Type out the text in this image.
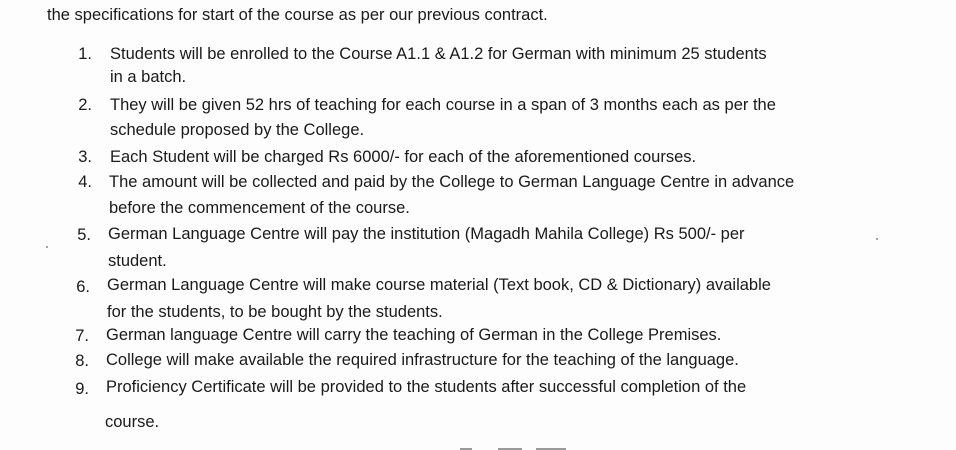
the specifications for start of the course as per our previous contract.

1. Students will be enrolled to the Course A1.1 & A1.2 for German with minimum 25 students
in a batch.
2. They will be given 52 hrs of teaching for each course in a span of 3 months each as per the
schedule proposed by the College.
3. Each Student will be charged Rs 6000/- for each of the aforementioned courses.
4. The amount will be collected and paid by the College to German Language Centre in advance
before the commencement of the course.
5. German Language Centre will pay the institution (Magadh Mahila College) Rs 500/- per
student.
6. German Language Centre will make course material (Text book, CD & Dictionary) available
for the students, to be bought by the students.
7. German language Centre will carry the teaching of German in the College Premises.
8. College will make available the required infrastructure for the teaching of the language.
9. Proficiency Certificate will be provided to the students after successful completion of the
course.
